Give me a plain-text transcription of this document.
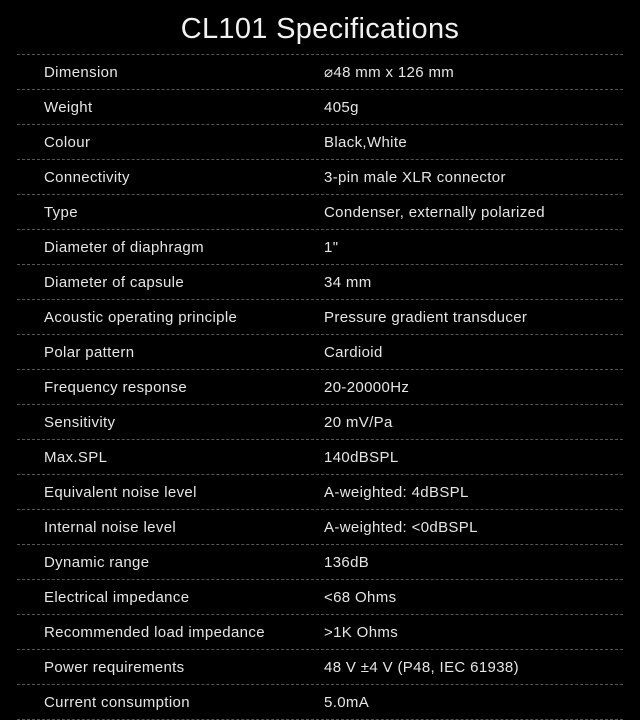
CL101 Specifications
Dimension	⌀48 mm x 126 mm
Weight	405g
Colour	Black,White
Connectivity	3-pin male XLR connector
Type	Condenser, externally polarized
Diameter of diaphragm	1"
Diameter of capsule	34 mm
Acoustic operating principle	Pressure gradient transducer
Polar pattern	Cardioid
Frequency response	20-20000Hz
Sensitivity	20 mV/Pa
Max.SPL	140dBSPL
Equivalent noise level	A-weighted: 4dBSPL
Internal noise level	A-weighted: <0dBSPL
Dynamic range	136dB
Electrical impedance	<68 Ohms
Recommended load impedance	>1K Ohms
Power requirements	48 V ±4 V (P48, IEC 61938)
Current consumption	5.0mA
